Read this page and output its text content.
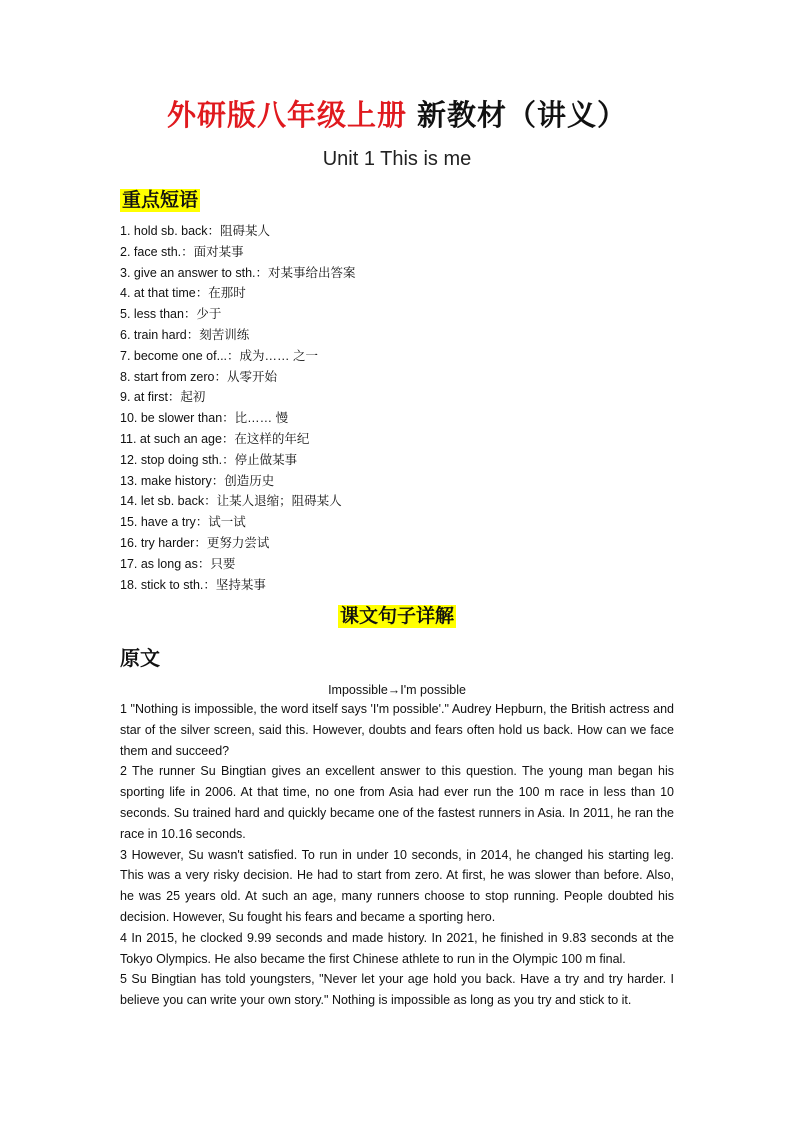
外研版八年级上册 新教材（讲义）
Unit 1 This is me
重点短语
1. hold sb. back：阻碍某人
2. face sth.：面对某事
3. give an answer to sth.：对某事给出答案
4. at that time：在那时
5. less than：少于
6. train hard：刻苦训练
7. become one of...：成为…… 之一
8. start from zero：从零开始
9. at first：起初
10. be slower than：比…… 慢
11. at such an age：在这样的年纪
12. stop doing sth.：停止做某事
13. make history：创造历史
14. let sb. back：让某人退缩；阻碍某人
15. have a try：试一试
16. try harder：更努力尝试
17. as long as：只要
18. stick to sth.：坚持某事
课文句子详解
原文
Impossible→I'm possible

1 "Nothing is impossible, the word itself says 'I'm possible'." Audrey Hepburn, the British actress and star of the silver screen, said this. However, doubts and fears often hold us back. How can we face them and succeed?

2 The runner Su Bingtian gives an excellent answer to this question. The young man began his sporting life in 2006. At that time, no one from Asia had ever run the 100 m race in less than 10 seconds. Su trained hard and quickly became one of the fastest runners in Asia. In 2011, he ran the race in 10.16 seconds.

3 However, Su wasn't satisfied. To run in under 10 seconds, in 2014, he changed his starting leg. This was a very risky decision. He had to start from zero. At first, he was slower than before. Also, he was 25 years old. At such an age, many runners choose to stop running. People doubted his decision. However, Su fought his fears and became a sporting hero.

4 In 2015, he clocked 9.99 seconds and made history. In 2021, he finished in 9.83 seconds at the Tokyo Olympics. He also became the first Chinese athlete to run in the Olympic 100 m final.

5 Su Bingtian has told youngsters, "Never let your age hold you back. Have a try and try harder. I believe you can write your own story." Nothing is impossible as long as you try and stick to it.
